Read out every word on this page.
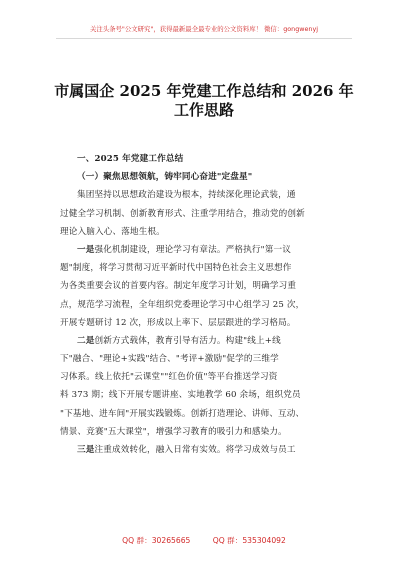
关注头条号"公文研究"，获得最新最全最专业的公文资料库！ 微信：gongwenyj
市属国企 2025 年党建工作总结和 2026 年
工作思路
一、2025 年党建工作总结
（一）聚焦思想领航，铸牢同心奋进"定盘星"
集团坚持以思想政治建设为根本，持续深化理论武装，通
过健全学习机制、创新教育形式、注重学用结合，推动党的创新
理论入脑入心、落地生根。
一是强化机制建设，理论学习有章法。严格执行"第一议
题"制度，将学习贯彻习近平新时代中国特色社会主义思想作
为各类重要会议的首要内容。制定年度学习计划，明确学习重
点，规范学习流程，全年组织党委理论学习中心组学习 25 次，
开展专题研讨 12 次，形成以上率下、层层跟进的学习格局。
二是创新方式载体，教育引导有活力。构建"线上+线
下"融合、"理论+实践"结合、"考评+激励"促学的三维学
习体系。线上依托"云课堂""红色价值"等平台推送学习资
料 373 期；线下开展专题讲座、实地教学 60 余场，组织党员
"下基地、进车间"开展实践锻炼。创新打造理论、讲师、互动、
情景、竞赛"五大课堂"，增强学习教育的吸引力和感染力。
三是注重成效转化，融入日常有实效。将学习成效与员工
QQ 群：30265665	QQ 群：535304092
